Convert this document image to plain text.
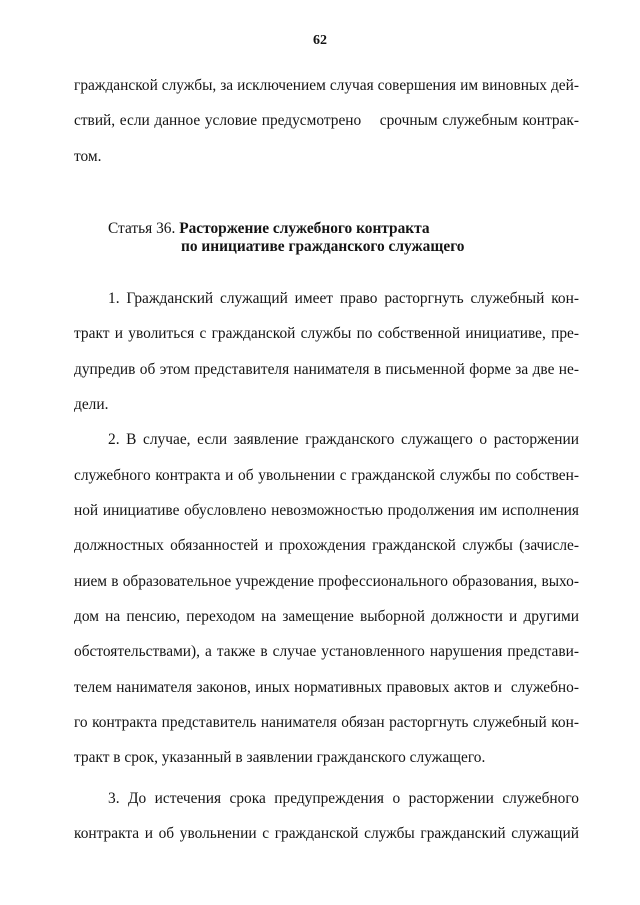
62
гражданской службы, за исключением случая совершения им виновных дей-
ствий, если данное условие предусмотрено    срочным служебным контрак-
том.
Статья 36. Расторжение служебного контракта
по инициативе гражданского служащего
1. Гражданский служащий имеет право расторгнуть служебный кон-
тракт и уволиться с гражданской службы по собственной инициативе, пре-
дупредив об этом представителя нанимателя в письменной форме за две не-
дели.
2. В случае, если заявление гражданского служащего о расторжении
служебного контракта и об увольнении с гражданской службы по собствен-
ной инициативе обусловлено невозможностью продолжения им исполнения
должностных обязанностей и прохождения гражданской службы (зачисле-
нием в образовательное учреждение профессионального образования, выхо-
дом на пенсию, переходом на замещение выборной должности и другими
обстоятельствами), а также в случае установленного нарушения представи-
телем нанимателя законов, иных нормативных правовых актов и  служебно-
го контракта представитель нанимателя обязан расторгнуть служебный кон-
тракт в срок, указанный в заявлении гражданского служащего.
3. До истечения срока предупреждения о расторжении служебного
контракта и об увольнении с гражданской службы гражданский служащий
